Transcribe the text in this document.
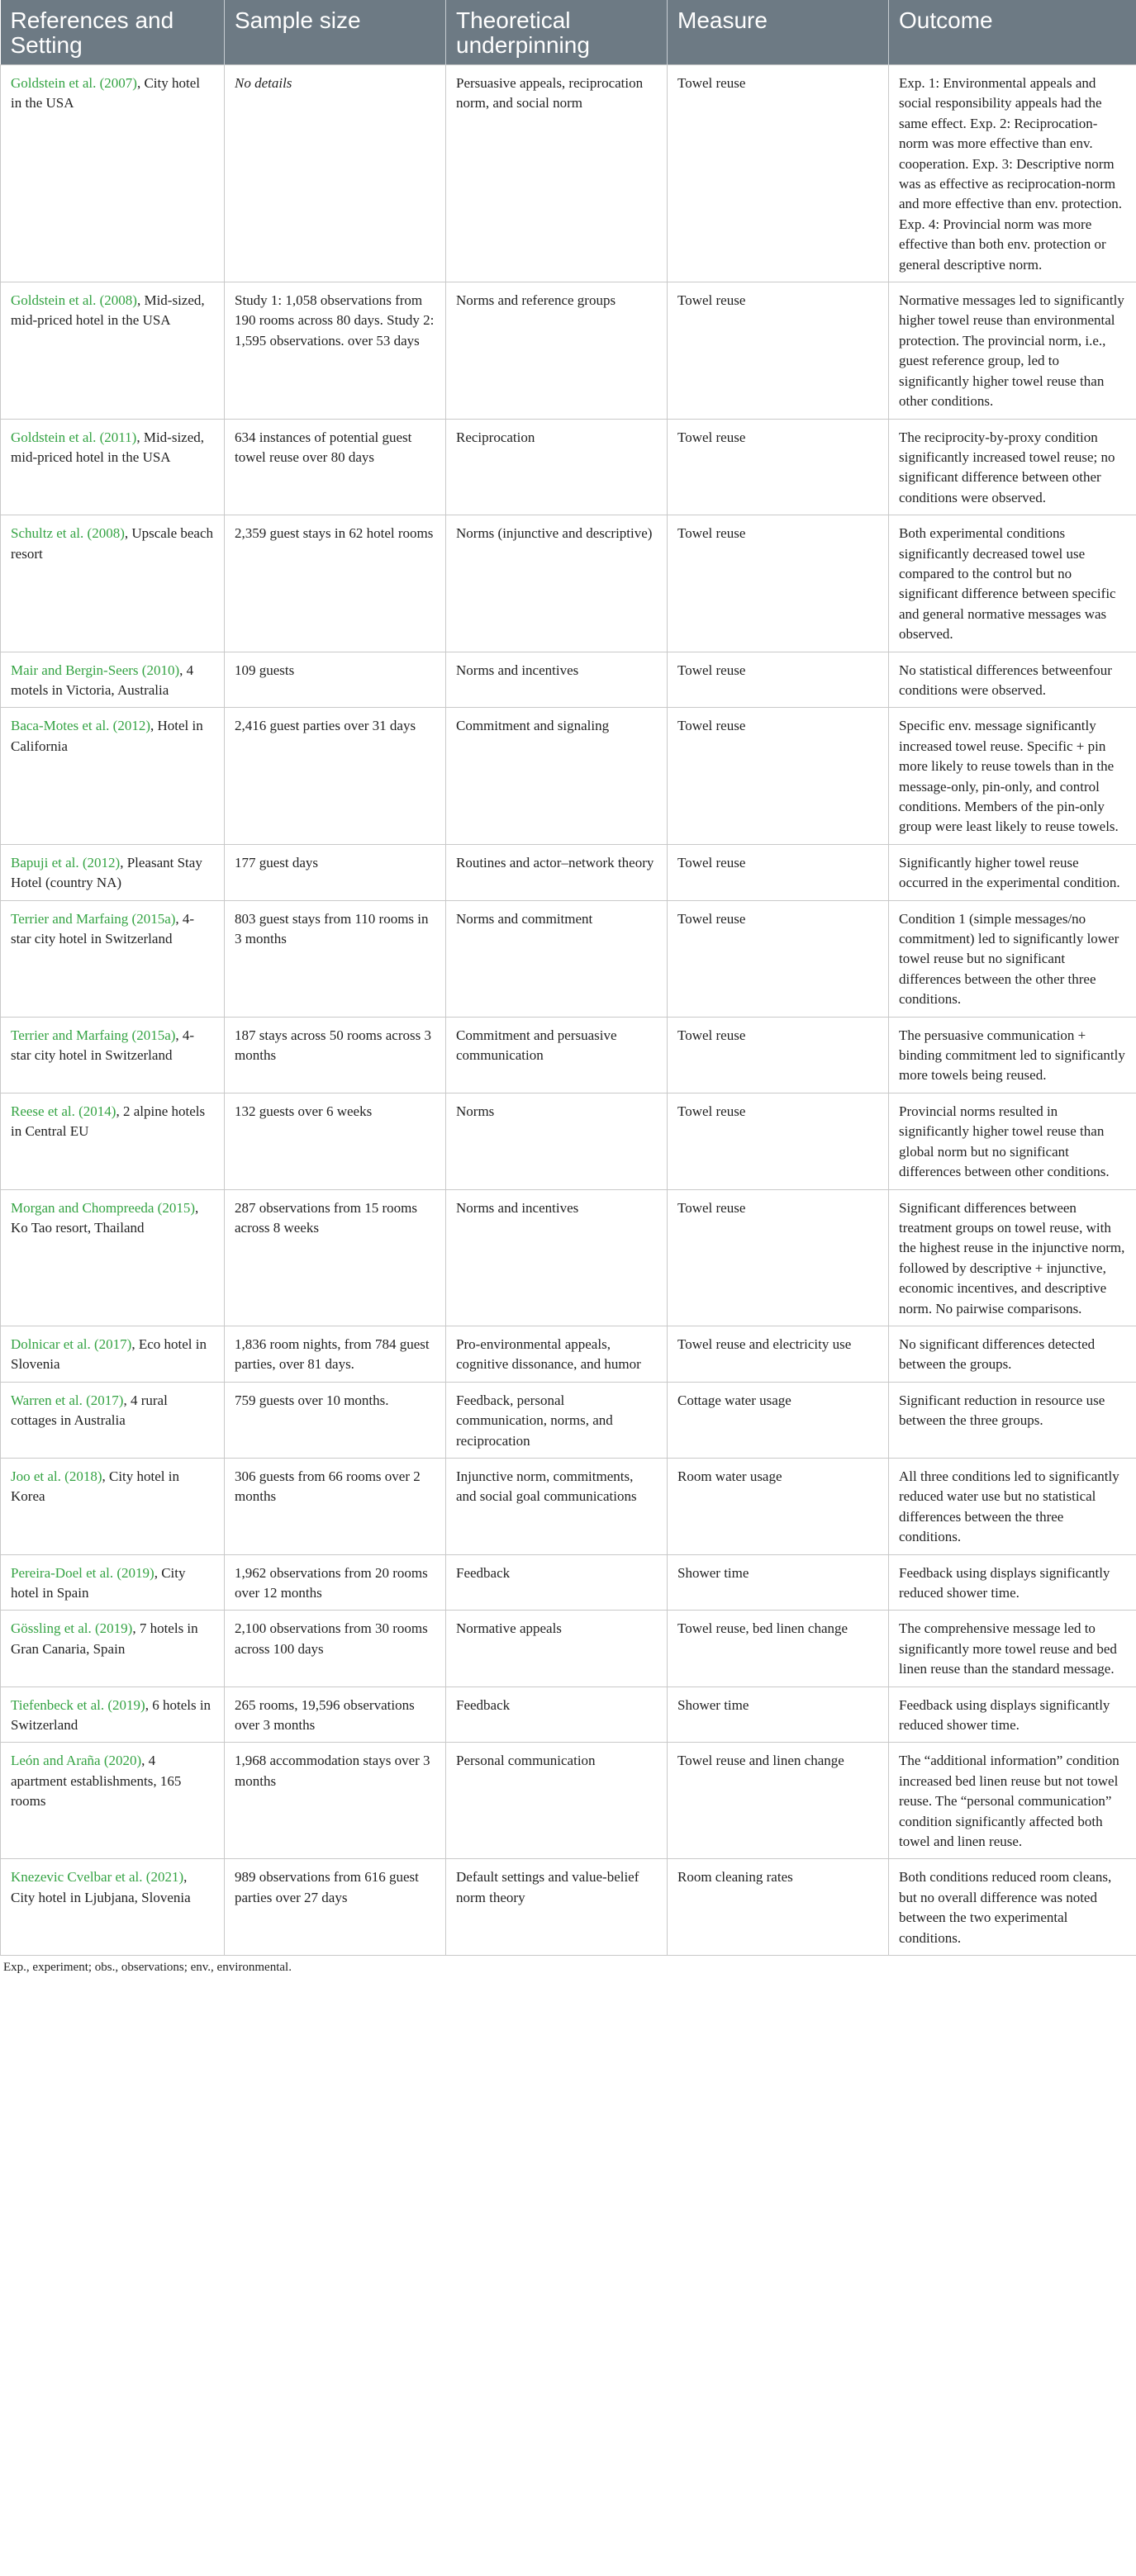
References and Setting	Sample size	Theoretical underpinning	Measure	Outcome
Goldstein et al. (2007), City hotel in the USA	No details	Persuasive appeals, reciprocation norm, and social norm	Towel reuse	Exp. 1: Environmental appeals and social responsibility appeals had the same effect. Exp. 2: Reciprocation-norm was more effective than env. cooperation. Exp. 3: Descriptive norm was as effective as reciprocation-norm and more effective than env. protection. Exp. 4: Provincial norm was more effective than both env. protection or general descriptive norm.
Goldstein et al. (2008), Mid-sized, mid-priced hotel in the USA	Study 1: 1,058 observations from 190 rooms across 80 days. Study 2: 1,595 observations. over 53 days	Norms and reference groups	Towel reuse	Normative messages led to significantly higher towel reuse than environmental protection. The provincial norm, i.e., guest reference group, led to significantly higher towel reuse than other conditions.
Goldstein et al. (2011), Mid-sized, mid-priced hotel in the USA	634 instances of potential guest towel reuse over 80 days	Reciprocation	Towel reuse	The reciprocity-by-proxy condition significantly increased towel reuse; no significant difference between other conditions were observed.
Schultz et al. (2008), Upscale beach resort	2,359 guest stays in 62 hotel rooms	Norms (injunctive and descriptive)	Towel reuse	Both experimental conditions significantly decreased towel use compared to the control but no significant difference between specific and general normative messages was observed.
Mair and Bergin-Seers (2010), 4 motels in Victoria, Australia	109 guests	Norms and incentives	Towel reuse	No statistical differences betweenfour conditions were observed.
Baca-Motes et al. (2012), Hotel in California	2,416 guest parties over 31 days	Commitment and signaling	Towel reuse	Specific env. message significantly increased towel reuse. Specific + pin more likely to reuse towels than in the message-only, pin-only, and control conditions. Members of the pin-only group were least likely to reuse towels.
Bapuji et al. (2012), Pleasant Stay Hotel (country NA)	177 guest days	Routines and actor–network theory	Towel reuse	Significantly higher towel reuse occurred in the experimental condition.
Terrier and Marfaing (2015a), 4-star city hotel in Switzerland	803 guest stays from 110 rooms in 3 months	Norms and commitment	Towel reuse	Condition 1 (simple messages/no commitment) led to significantly lower towel reuse but no significant differences between the other three conditions.
Terrier and Marfaing (2015a), 4-star city hotel in Switzerland	187 stays across 50 rooms across 3 months	Commitment and persuasive communication	Towel reuse	The persuasive communication + binding commitment led to significantly more towels being reused.
Reese et al. (2014), 2 alpine hotels in Central EU	132 guests over 6 weeks	Norms	Towel reuse	Provincial norms resulted in significantly higher towel reuse than global norm but no significant differences between other conditions.
Morgan and Chompreeda (2015), Ko Tao resort, Thailand	287 observations from 15 rooms across 8 weeks	Norms and incentives	Towel reuse	Significant differences between treatment groups on towel reuse, with the highest reuse in the injunctive norm, followed by descriptive + injunctive, economic incentives, and descriptive norm. No pairwise comparisons.
Dolnicar et al. (2017), Eco hotel in Slovenia	1,836 room nights, from 784 guest parties, over 81 days.	Pro-environmental appeals, cognitive dissonance, and humor	Towel reuse and electricity use	No significant differences detected between the groups.
Warren et al. (2017), 4 rural cottages in Australia	759 guests over 10 months.	Feedback, personal communication, norms, and reciprocation	Cottage water usage	Significant reduction in resource use between the three groups.
Joo et al. (2018), City hotel in Korea	306 guests from 66 rooms over 2 months	Injunctive norm, commitments, and social goal communications	Room water usage	All three conditions led to significantly reduced water use but no statistical differences between the three conditions.
Pereira-Doel et al. (2019), City hotel in Spain	1,962 observations from 20 rooms over 12 months	Feedback	Shower time	Feedback using displays significantly reduced shower time.
Gössling et al. (2019), 7 hotels in Gran Canaria, Spain	2,100 observations from 30 rooms across 100 days	Normative appeals	Towel reuse, bed linen change	The comprehensive message led to significantly more towel reuse and bed linen reuse than the standard message.
Tiefenbeck et al. (2019), 6 hotels in Switzerland	265 rooms, 19,596 observations over 3 months	Feedback	Shower time	Feedback using displays significantly reduced shower time.
León and Araña (2020), 4 apartment establishments, 165 rooms	1,968 accommodation stays over 3 months	Personal communication	Towel reuse and linen change	The “additional information” condition increased bed linen reuse but not towel reuse. The “personal communication” condition significantly affected both towel and linen reuse.
Knezevic Cvelbar et al. (2021), City hotel in Ljubjana, Slovenia	989 observations from 616 guest parties over 27 days	Default settings and value-belief norm theory	Room cleaning rates	Both conditions reduced room cleans, but no overall difference was noted between the two experimental conditions.
Exp., experiment; obs., observations; env., environmental.
